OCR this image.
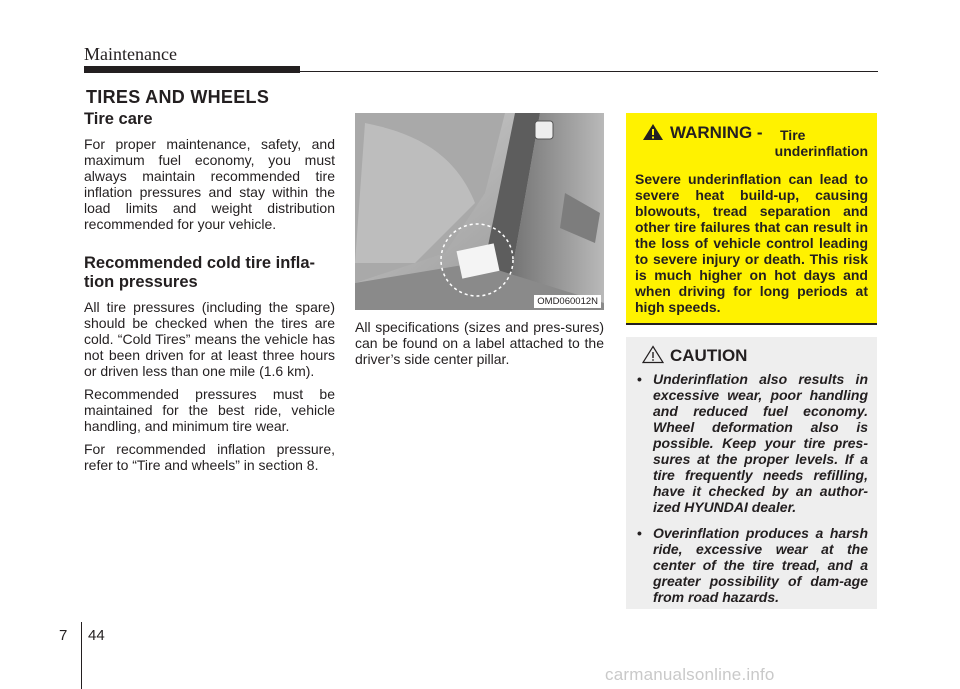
Maintenance
TIRES AND WHEELS
Tire care

For proper maintenance, safety, and maximum fuel economy, you must always maintain recommended tire inflation pressures and stay within the load limits and weight distribution recommended for your vehicle.

Recommended cold tire infla-tion pressures

All tire pressures (including the spare) should be checked when the tires are cold. “Cold Tires” means the vehicle has not been driven for at least three hours or driven less than one mile (1.6 km).

Recommended pressures must be maintained for the best ride, vehicle handling, and minimum tire wear.

For recommended inflation pressure, refer to “Tire and wheels” in section 8.

OMD060012N

All specifications (sizes and pres-sures) can be found on a label attached to the driver’s side center pillar.

WARNING - Tire
underinflation

Severe underinflation can lead to severe heat build-up, causing blowouts, tread separation and other tire failures that can result in the loss of vehicle control leading to severe injury or death. This risk is much higher on hot days and when driving for long periods at high speeds.

CAUTION
• Underinflation also results in excessive wear, poor handling and reduced fuel economy. Wheel deformation also is possible. Keep your tire pres-sures at the proper levels. If a tire frequently needs refilling, have it checked by an author-ized HYUNDAI dealer.
• Overinflation produces a harsh ride, excessive wear at the center of the tire tread, and a greater possibility of dam-age from road hazards.
7 44
carmanualsonline.info
